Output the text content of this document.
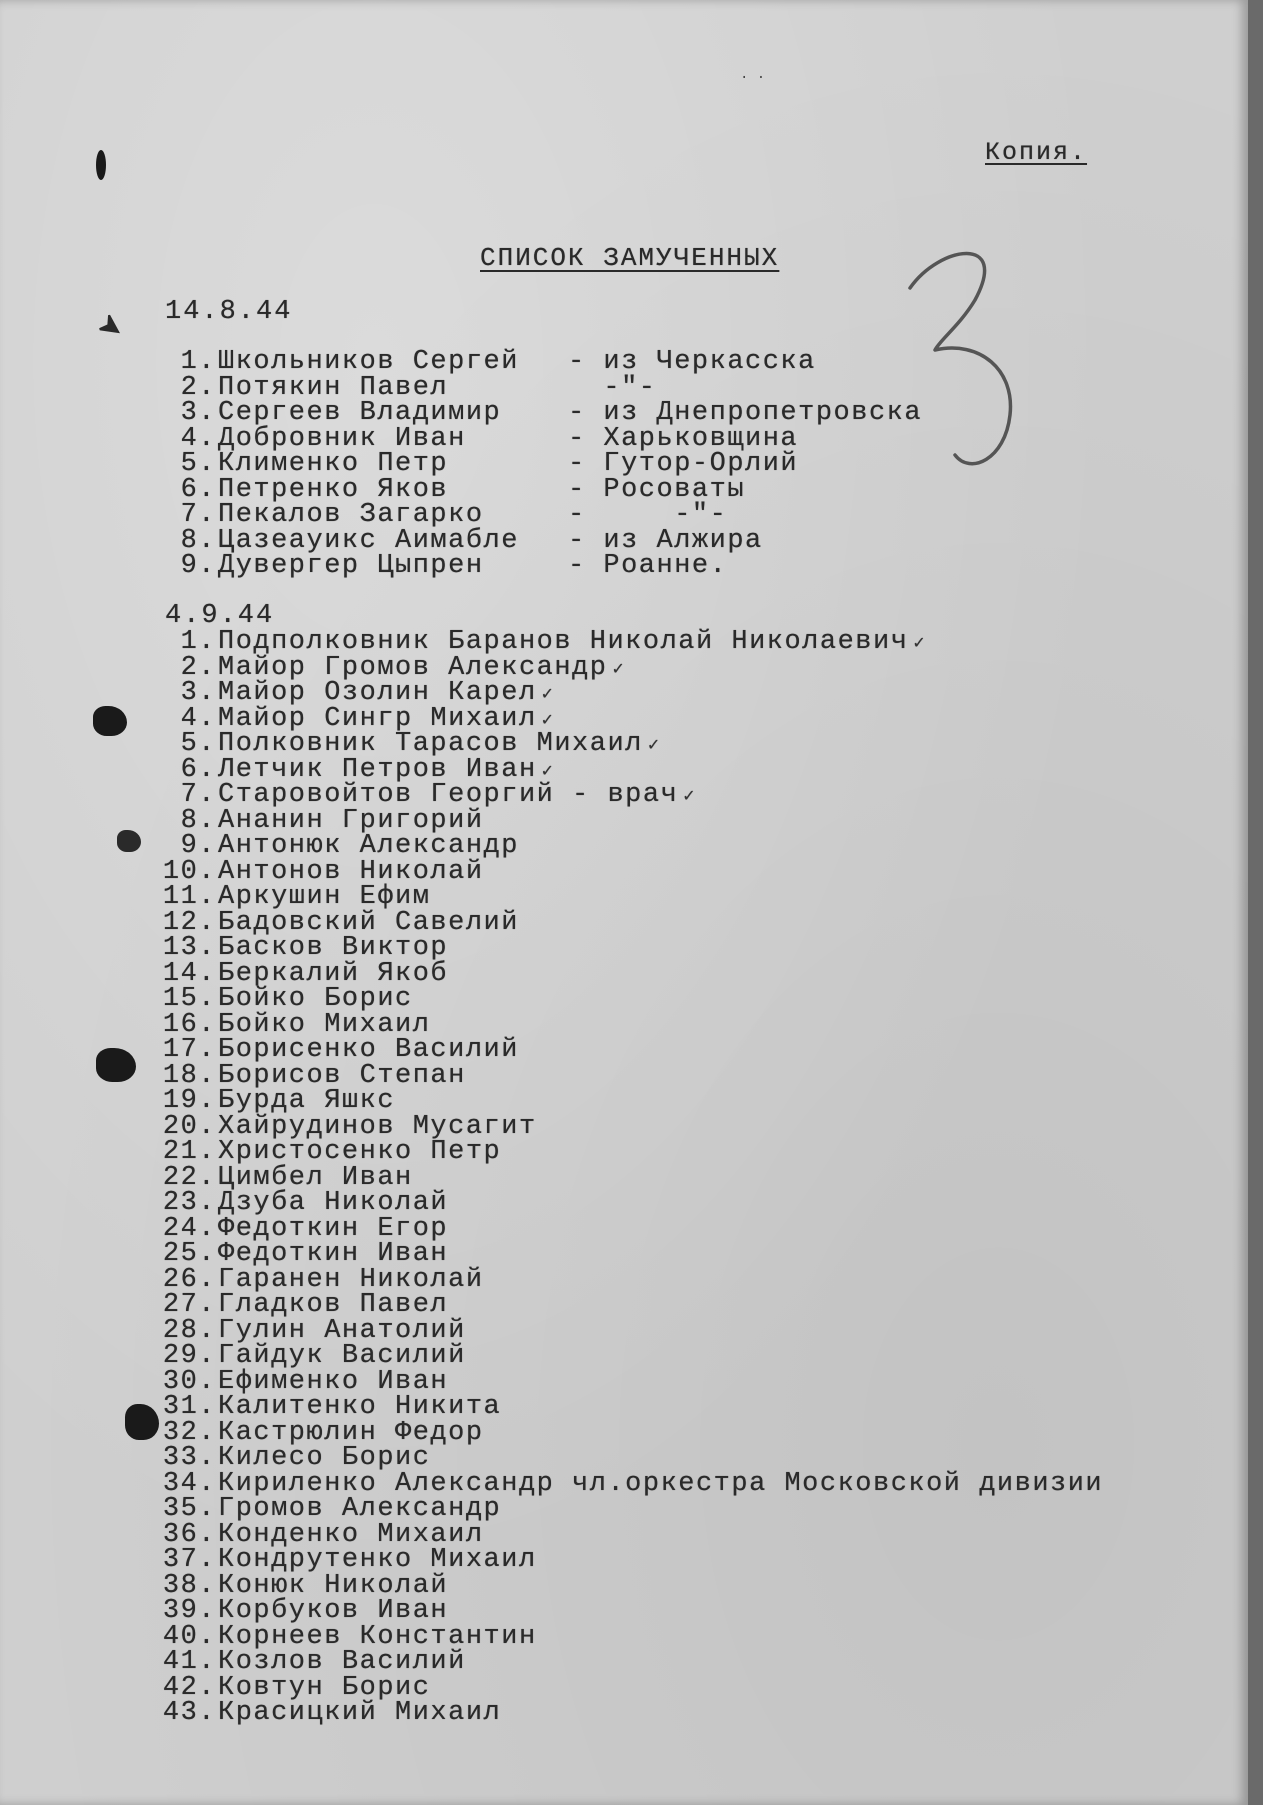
· ·
Копия.
СПИСОК ЗАМУЧЕННЫХ
14.8.44
1. Школьников Сергей - из Черкасска
2. Потякин Павел	-"-
3. Сергеев Владимир - из Днепропетровска
4. Добровник Иван	- Харьковщина
5. Клименко Петр	- Гутор-Орлий
6. Петренко Яков	- Росоваты
7. Пекалов Загарко	-     -"-
8. Цазеауикс Аимабле - из Алжира
9. Дувергер Цыпрен	- Роанне.
4.9.44
1. Подполковник Баранов Николай Николаевич ✓
2. Майор Громов Александр ✓
3. Майор Озолин Карел ✓
4. Майор Сингр Михаил ✓
5. Полковник Тарасов Михаил ✓
6. Летчик Петров Иван ✓
7. Старовойтов Георгий - врач ✓
8. Ананин Григорий
9. Антонюк Александр
10. Антонов Николай
11. Аркушин Ефим
12. Бадовский Савелий
13. Басков Виктор
14. Беркалий Якоб
15. Бойко Борис
16. Бойко Михаил
17. Борисенко Василий
18. Борисов Степан
19. Бурда Яшкс
20. Хайрудинов Мусагит
21. Христосенко Петр
22. Цимбел Иван
23. Дзуба Николай
24. Федоткин Егор
25. Федоткин Иван
26. Гаранен Николай
27. Гладков Павел
28. Гулин Анатолий
29. Гайдук Василий
30. Ефименко Иван
31. Калитенко Никита
32. Кастрюлин Федор
33. Килесо Борис
34. Кириленко Александр чл.оркестра Московской дивизии
35. Громов Александр
36. Конденко Михаил
37. Кондрутенко Михаил
38. Конюк Николай
39. Корбуков Иван
40. Корнеев Константин
41. Козлов Василий
42. Ковтун Борис
43. Красицкий Михаил
